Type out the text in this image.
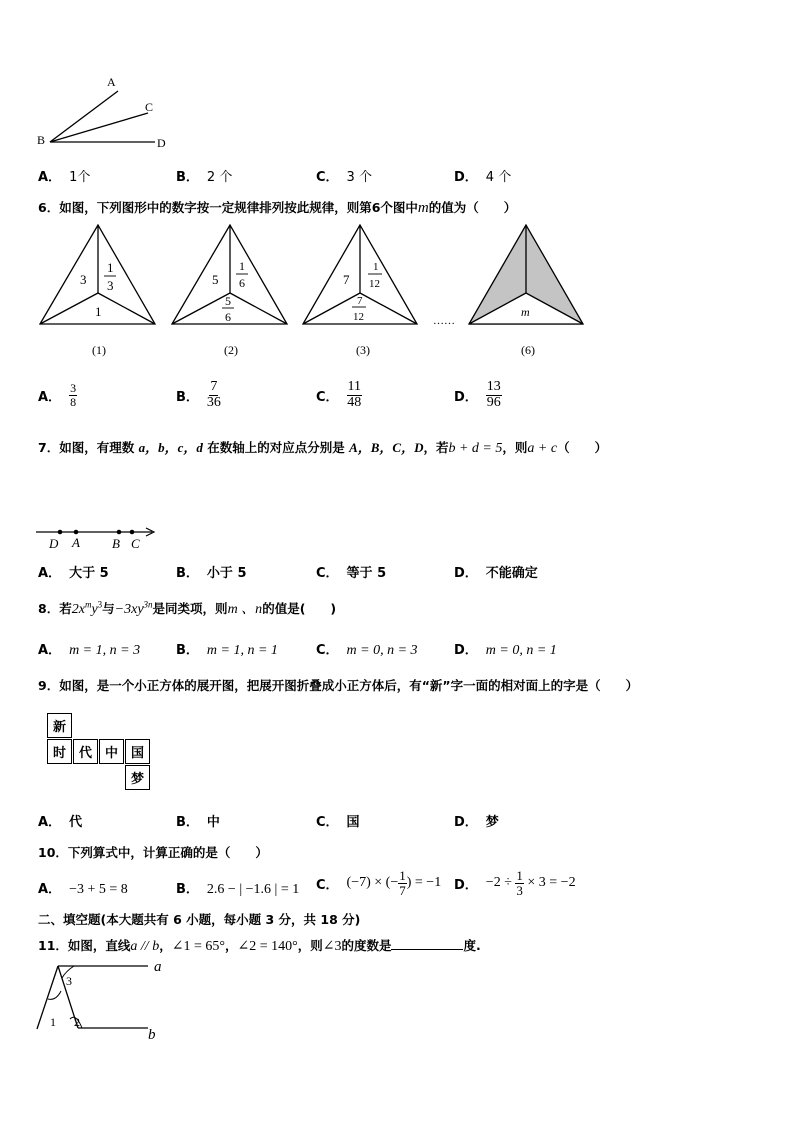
A
B
C
D
A． 1个	B． 2 个	C． 3 个	D． 4 个
6．如图，下列图形中的数字按一定规律排列按此规律，则第6个图中m的值为（　　）
3
1
3
1
(1)
5
1
6
5
6
(2)
7
1
12
7
12
(3)
……
m
(6)
A． $\frac{3}{8}$	B． $\frac{7}{36}$	C． $\frac{11}{48}$	D． $\frac{13}{96}$
7．如图，有理数 a，b，c，d 在数轴上的对应点分别是 A，B，C，D，若b + d = 5，则a + c（　　）
D A B C
A． 大于 5	B． 小于 5	C． 等于 5	D． 不能确定
8．若$2x^my^3$与$-3xy^{3n}$是同类项，则m 、n的值是(　　)
A． m = 1, n = 3	B． m = 1, n = 1	C． m = 0, n = 3	D． m = 0, n = 1
9．如图，是一个小正方体的展开图，把展开图折叠成小正方体后，有“新”字一面的相对面上的字是（　　）
新
时 代 中 国
梦
A． 代	B． 中	C． 国	D． 梦
10．下列算式中，计算正确的是（　　）
A． −3 + 5 = 8	B． 2.6 − | −1.6 | = 1 C． (−7) × (− $\frac{1}{7}$ ) = −1 D． $-2 \div \frac{1}{3} \times 3 = -2$
二、填空题(本大题共有 6 小题，每小题 3 分，共 18 分)
11．如图，直线a // b，∠1 = 65°，∠2 = 140°，则∠3的度数是	度.
a
b
1 2
3
